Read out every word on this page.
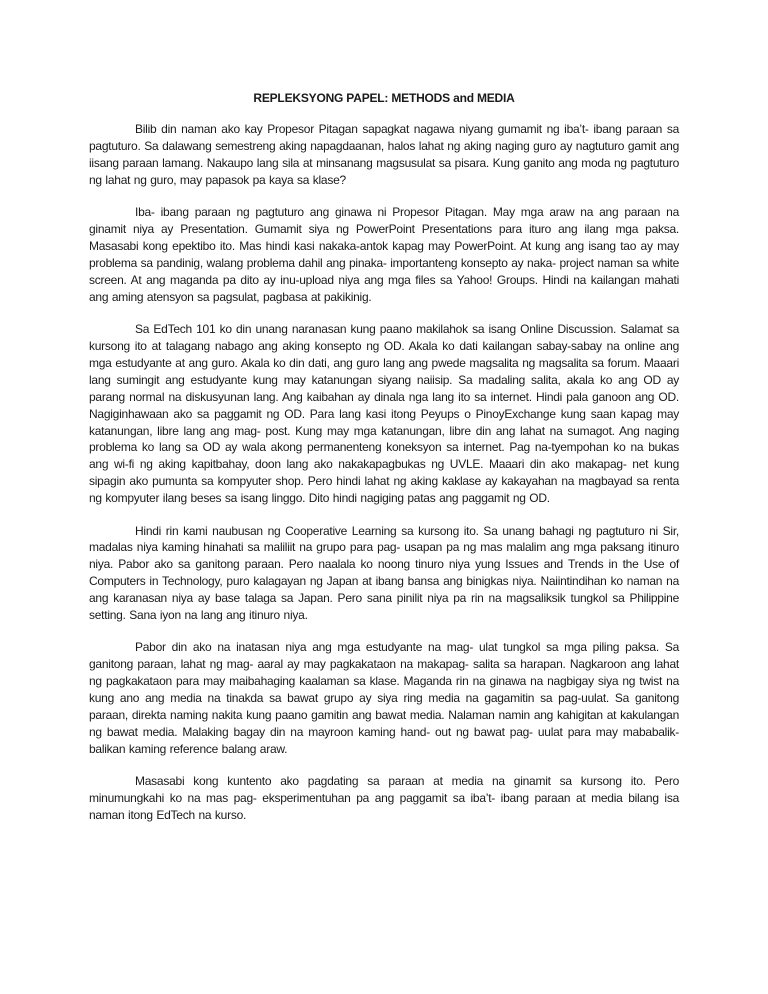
REPLEKSYONG PAPEL: METHODS and MEDIA

Bilib din naman ako kay Propesor Pitagan sapagkat nagawa niyang gumamit ng iba’t- ibang paraan sa pagtuturo. Sa dalawang semestreng aking napagdaanan, halos lahat ng aking naging guro ay nagtuturo gamit ang iisang paraan lamang. Nakaupo lang sila at minsanang magsusulat sa pisara. Kung ganito ang moda ng pagtuturo ng lahat ng guro, may papasok pa kaya sa klase?

Iba- ibang paraan ng pagtuturo ang ginawa ni Propesor Pitagan. May mga araw na ang paraan na ginamit niya ay Presentation. Gumamit siya ng PowerPoint Presentations para ituro ang ilang mga paksa. Masasabi kong epektibo ito. Mas hindi kasi nakaka-antok kapag may PowerPoint. At kung ang isang tao ay may problema sa pandinig, walang problema dahil ang pinaka- importanteng konsepto ay naka- project naman sa white screen. At ang maganda pa dito ay inu-upload niya ang mga files sa Yahoo! Groups. Hindi na kailangan mahati ang aming atensyon sa pagsulat, pagbasa at pakikinig.

Sa EdTech 101 ko din unang naranasan kung paano makilahok sa isang Online Discussion. Salamat sa kursong ito at talagang nabago ang aking konsepto ng OD. Akala ko dati kailangan sabay-sabay na online ang mga estudyante at ang guro. Akala ko din dati, ang guro lang ang pwede magsalita ng magsalita sa forum. Maaari lang sumingit ang estudyante kung may katanungan siyang naiisip. Sa madaling salita, akala ko ang OD ay parang normal na diskusyunan lang. Ang kaibahan ay dinala nga lang ito sa internet. Hindi pala ganoon ang OD. Nagiginhawaan ako sa paggamit ng OD. Para lang kasi itong Peyups o PinoyExchange kung saan kapag may katanungan, libre lang ang mag- post. Kung may mga katanungan, libre din ang lahat na sumagot. Ang naging problema ko lang sa OD ay wala akong permanenteng koneksyon sa internet. Pag na-tyempohan ko na bukas ang wi-fi ng aking kapitbahay, doon lang ako nakakapagbukas ng UVLE. Maaari din ako makapag- net kung sipagin ako pumunta sa kompyuter shop. Pero hindi lahat ng aking kaklase ay kakayahan na magbayad sa renta ng kompyuter ilang beses sa isang linggo. Dito hindi nagiging patas ang paggamit ng OD.

Hindi rin kami naubusan ng Cooperative Learning sa kursong ito. Sa unang bahagi ng pagtuturo ni Sir, madalas niya kaming hinahati sa maliliit na grupo para pag- usapan pa ng mas malalim ang mga paksang itinuro niya. Pabor ako sa ganitong paraan. Pero naalala ko noong tinuro niya yung Issues and Trends in the Use of Computers in Technology, puro kalagayan ng Japan at ibang bansa ang binigkas niya. Naiintindihan ko naman na ang karanasan niya ay base talaga sa Japan. Pero sana pinilit niya pa rin na magsaliksik tungkol sa Philippine setting. Sana iyon na lang ang itinuro niya.

Pabor din ako na inatasan niya ang mga estudyante na mag- ulat tungkol sa mga piling paksa. Sa ganitong paraan, lahat ng mag- aaral ay may pagkakataon na makapag- salita sa harapan. Nagkaroon ang lahat ng pagkakataon para may maibahaging kaalaman sa klase. Maganda rin na ginawa na nagbigay siya ng twist na kung ano ang media na tinakda sa bawat grupo ay siya ring media na gagamitin sa pag-uulat. Sa ganitong paraan, direkta naming nakita kung paano gamitin ang bawat media. Nalaman namin ang kahigitan at kakulangan ng bawat media. Malaking bagay din na mayroon kaming hand- out ng bawat pag- uulat para may mababalik- balikan kaming reference balang araw.

Masasabi kong kuntento ako pagdating sa paraan at media na ginamit sa kursong ito. Pero minumungkahi ko na mas pag- eksperimentuhan pa ang paggamit sa iba’t- ibang paraan at media bilang isa naman itong EdTech na kurso.
